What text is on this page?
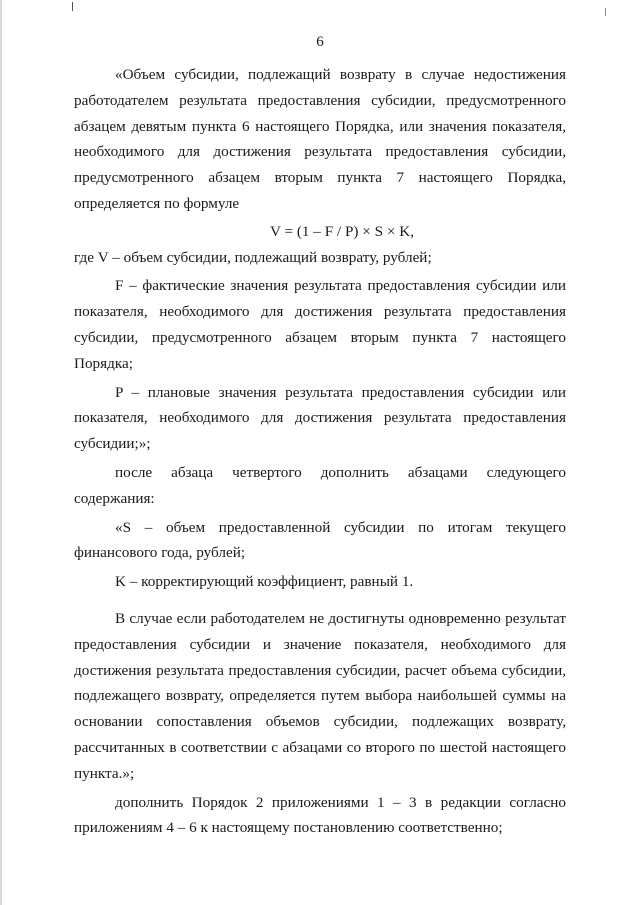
6

«Объем субсидии, подлежащий возврату в случае недостижения работодателем результата предоставления субсидии, предусмотренного абзацем девятым пункта 6 настоящего Порядка, или значения показателя, необходимого для достижения результата предоставления субсидии, предусмотренного абзацем вторым пункта 7 настоящего Порядка, определяется по формуле

V = (1 – F / P) × S × K,

где V – объем субсидии, подлежащий возврату, рублей;

F – фактические значения результата предоставления субсидии или показателя, необходимого для достижения результата предоставления субсидии, предусмотренного абзацем вторым пункта 7 настоящего Порядка;

P – плановые значения результата предоставления субсидии или показателя, необходимого для достижения результата предоставления субсидии;»;

после абзаца четвертого дополнить абзацами следующего содержания:

«S – объем предоставленной субсидии по итогам текущего финансового года, рублей;

K – корректирующий коэффициент, равный 1.

В случае если работодателем не достигнуты одновременно результат предоставления субсидии и значение показателя, необходимого для достижения результата предоставления субсидии, расчет объема субсидии, подлежащего возврату, определяется путем выбора наибольшей суммы на основании сопоставления объемов субсидии, подлежащих возврату, рассчитанных в соответствии с абзацами со второго по шестой настоящего пункта.»;

дополнить Порядок 2 приложениями 1 – 3 в редакции согласно приложениям 4 – 6 к настоящему постановлению соответственно;
